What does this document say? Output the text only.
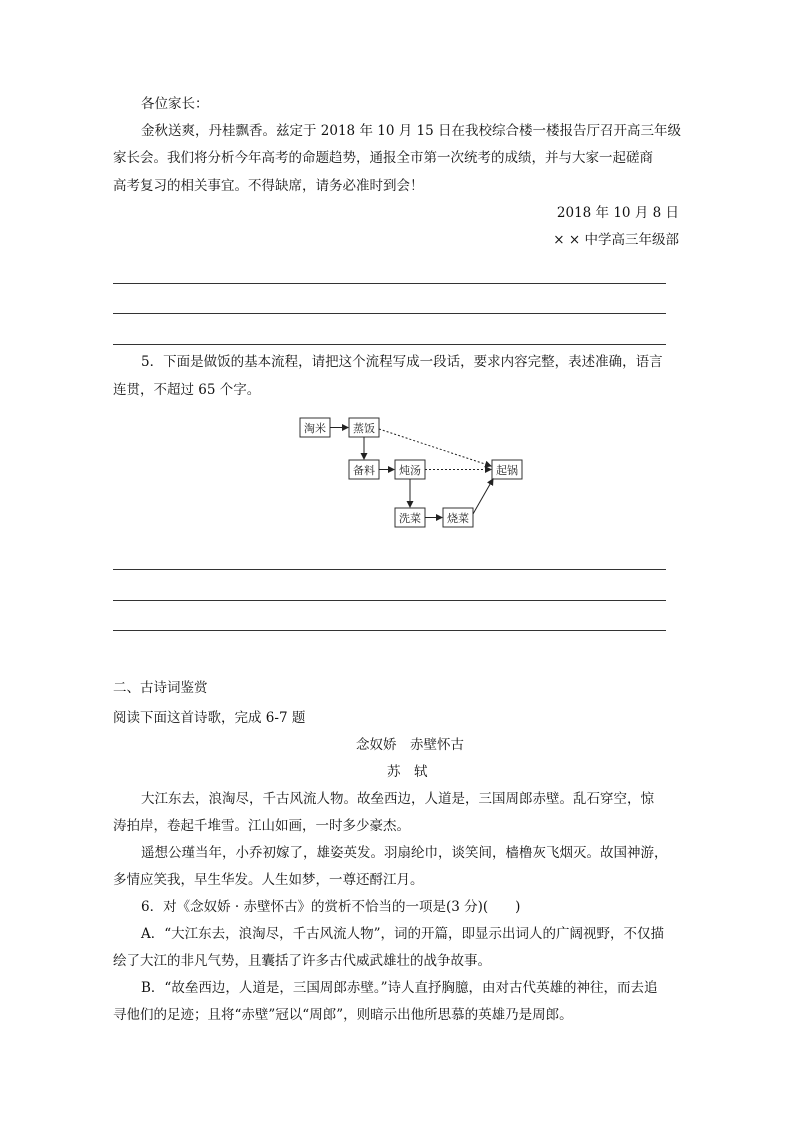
各位家长：
金秋送爽，丹桂飘香。兹定于 2018 年 10 月 15 日在我校综合楼一楼报告厅召开高三年级
家长会。我们将分析今年高考的命题趋势，通报全市第一次统考的成绩，并与大家一起磋商
高考复习的相关事宜。不得缺席，请务必准时到会！
2018 年 10 月 8 日
× × 中学高三年级部
5．下面是做饭的基本流程，请把这个流程写成一段话，要求内容完整，表述准确，语言
连贯，不超过 65 个字。
淘米 蒸饭
备料 炖汤
洗菜 烧菜
起锅
二、古诗词鉴赏
阅读下面这首诗歌，完成 6-7 题
念奴娇　赤壁怀古
苏　轼
大江东去，浪淘尽，千古风流人物。故垒西边，人道是，三国周郎赤壁。乱石穿空，惊
涛拍岸，卷起千堆雪。江山如画，一时多少豪杰。
遥想公瑾当年，小乔初嫁了，雄姿英发。羽扇纶巾，谈笑间，樯橹灰飞烟灭。故国神游，
多情应笑我，早生华发。人生如梦，一尊还酹江月。
6．对《念奴娇 · 赤壁怀古》的赏析不恰当的一项是(3 分)(　　)
A．“大江东去，浪淘尽，千古风流人物”，词的开篇，即显示出词人的广阔视野，不仅描
绘了大江的非凡气势，且囊括了许多古代威武雄壮的战争故事。
B．“故垒西边，人道是，三国周郎赤壁。”诗人直抒胸臆，由对古代英雄的神往，而去追
寻他们的足迹；且将“赤壁”冠以“周郎”，则暗示出他所思慕的英雄乃是周郎。
